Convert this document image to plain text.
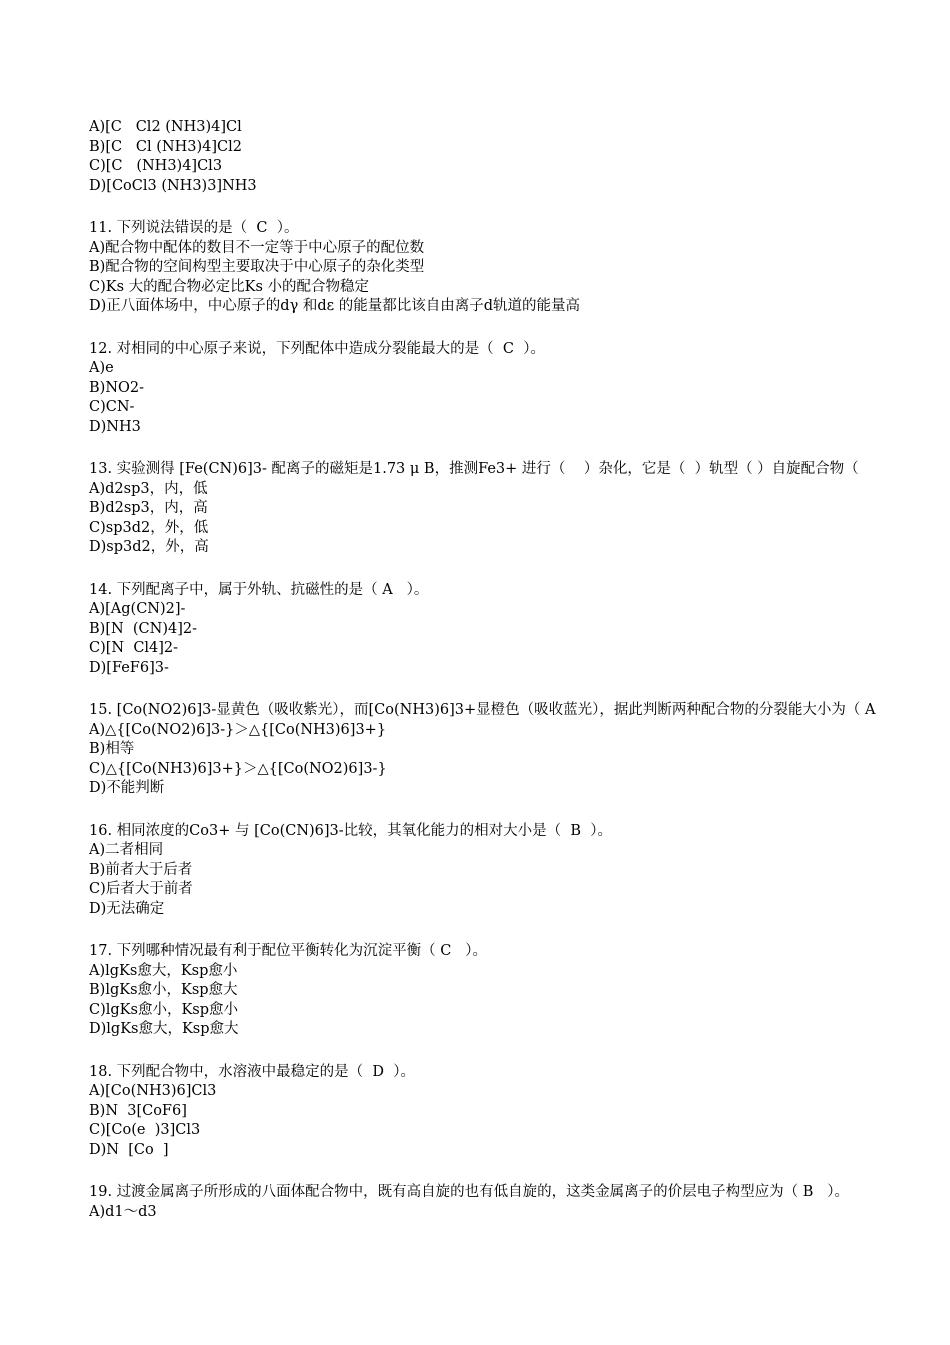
A)[C   Cl2 (NH3)4]Cl
B)[C   Cl (NH3)4]Cl2
C)[C   (NH3)4]Cl3
D)[CoCl3 (NH3)3]NH3
11. 下列说法错误的是（  C  ）。
A)配合物中配体的数目不一定等于中心原子的配位数
B)配合物的空间构型主要取决于中心原子的杂化类型
C)Ks 大的配合物必定比Ks 小的配合物稳定
D)正八面体场中，中心原子的dγ 和dε 的能量都比该自由离子d轨道的能量高
12. 对相同的中心原子来说，下列配体中造成分裂能最大的是（  C  ）。
A)e
B)NO2-
C)CN-
D)NH3
13. 实验测得 [Fe(CN)6]3- 配离子的磁矩是1.73 μ B，推测Fe3+ 进行（    ）杂化，它是（  ）轨型（ ）自旋配合物（
A)d2sp3，内，低
B)d2sp3，内，高
C)sp3d2，外，低
D)sp3d2，外，高
14. 下列配离子中，属于外轨、抗磁性的是（ A   ）。
A)[Ag(CN)2]-
B)[N  (CN)4]2-
C)[N  Cl4]2-
D)[FeF6]3-
15. [Co(NO2)6]3-显黄色（吸收紫光），而[Co(NH3)6]3+显橙色（吸收蓝光），据此判断两种配合物的分裂能大小为（ A
A)△{[Co(NO2)6]3-}＞△{[Co(NH3)6]3+}
B)相等
C)△{[Co(NH3)6]3+}＞△{[Co(NO2)6]3-}
D)不能判断
16. 相同浓度的Co3+ 与 [Co(CN)6]3-比较，其氧化能力的相对大小是（  B  ）。
A)二者相同
B)前者大于后者
C)后者大于前者
D)无法确定
17. 下列哪种情况最有利于配位平衡转化为沉淀平衡（ C   ）。
A)lgKs愈大，Ksp愈小
B)lgKs愈小，Ksp愈大
C)lgKs愈小，Ksp愈小
D)lgKs愈大，Ksp愈大
18. 下列配合物中，水溶液中最稳定的是（  D  ）。
A)[Co(NH3)6]Cl3
B)N  3[CoF6]
C)[Co(e  )3]Cl3
D)N  [Co  ]
19. 过渡金属离子所形成的八面体配合物中，既有高自旋的也有低自旋的，这类金属离子的价层电子构型应为（ B   ）。
A)d1～d3
